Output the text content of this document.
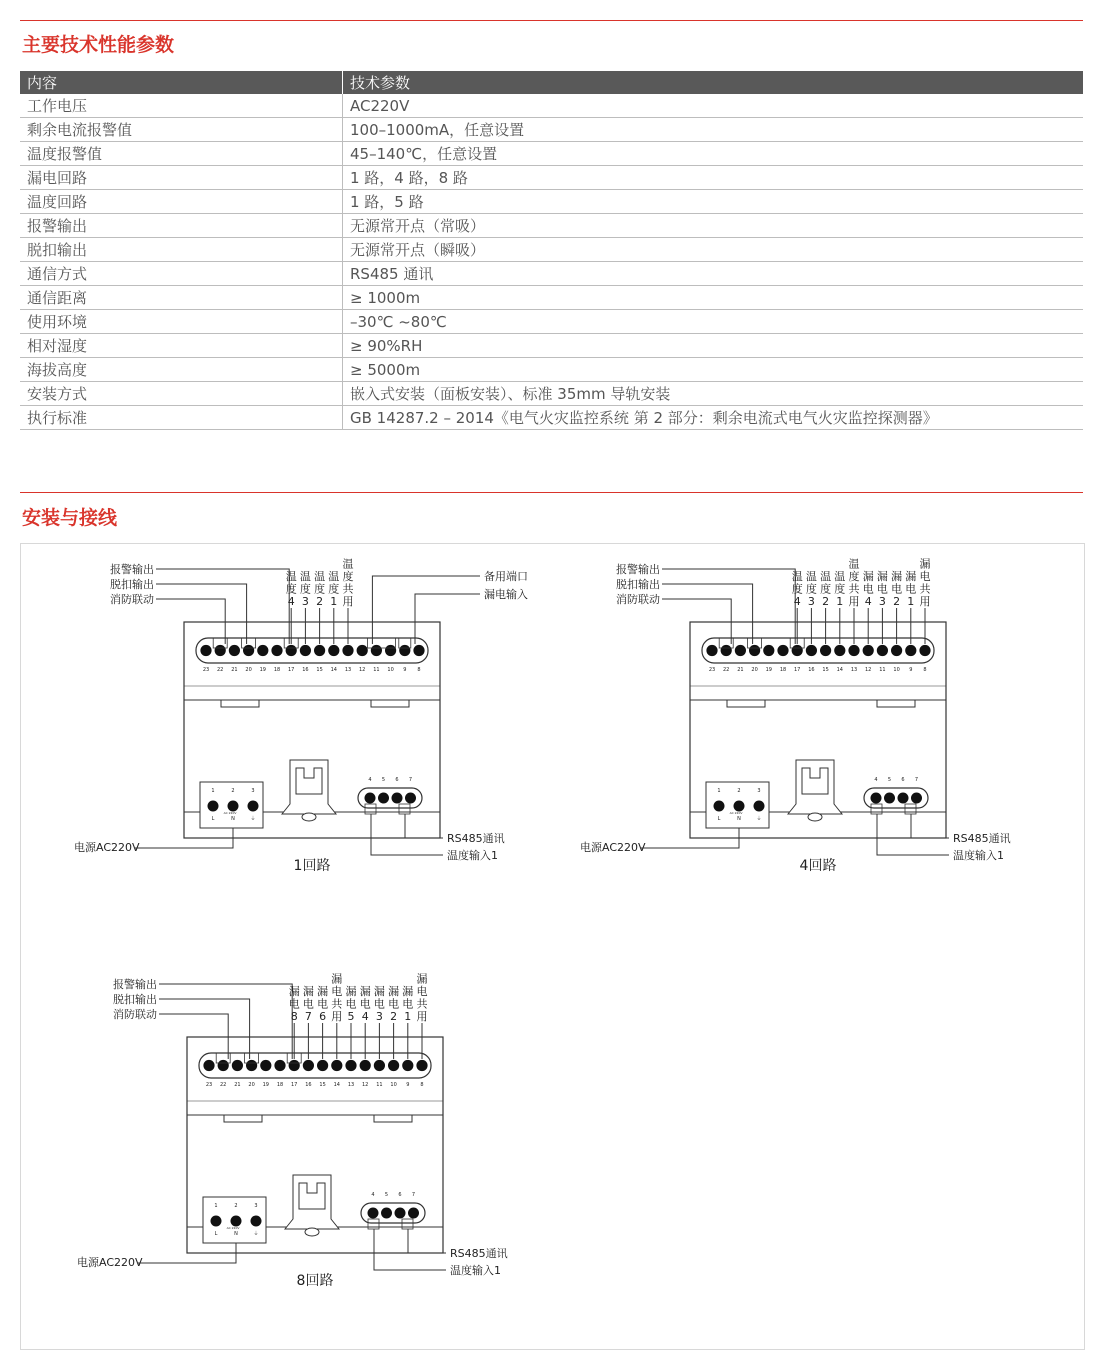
主要技术性能参数
内容	技术参数
工作电压	AC220V
剩余电流报警值	100–1000mA，任意设置
温度报警值	45–140℃，任意设置
漏电回路	1 路，4 路，8 路
温度回路	1 路，5 路
报警输出	无源常开点（常吸）
脱扣输出	无源常开点（瞬吸）
通信方式	RS485 通讯
通信距离	≥ 1000m
使用环境	–30℃ ~80℃
相对湿度	≥ 90%RH
海拔高度	≥ 5000m
安装方式	嵌入式安装（面板安装）、标准 35mm 导轨安装
执行标准	GB 14287.2 – 2014《电气火灾监控系统 第 2 部分：剩余电流式电气火灾监控探测器》
安装与接线
23 22 21 20 19 18 17 16 15 14 13 12 11 10 9 8
报警输出
脱扣输出
消防联动
温
度
4
温
度
3
温
度
2
温
度
1
温
度
共
用
备用端口
漏电输入
1
L
2
N
3
⏚
AC 220V
电源AC220V
4 5 6 7
RS485通讯
温度输入1
1回路
23 22 21 20 19 18 17 16 15 14 13 12 11 10 9 8
报警输出
脱扣输出
消防联动
温
度
4
温
度
3
温
度
2
温
度
1
温
度
共
用
漏
电
4
漏
电
3
漏
电
2
漏
电
1
漏
电
共
用
1
L
2
N
3
⏚
AC 220V
电源AC220V
4 5 6 7
RS485通讯
温度输入1
4回路
23 22 21 20 19 18 17 16 15 14 13 12 11 10 9 8
报警输出
脱扣输出
消防联动
漏
电
8
漏
电
7
漏
电
6
漏
电
共
用
漏
电
5
漏
电
4
漏
电
3
漏
电
2
漏
电
1
漏
电
共
用
1
L
2
N
3
⏚
AC 220V
电源AC220V
4 5 6 7
RS485通讯
温度输入1
8回路
